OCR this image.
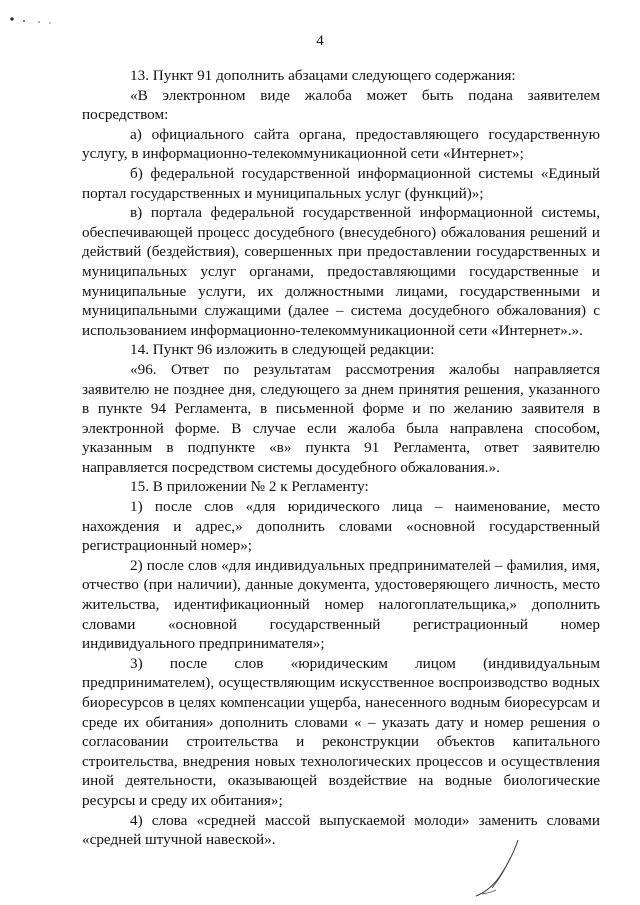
4

13. Пункт 91 дополнить абзацами следующего содержания:

«В электронном виде жалоба может быть подана заявителем посредством:

а) официального сайта органа, предоставляющего государственную услугу, в информационно-телекоммуникационной сети «Интернет»;

б) федеральной государственной информационной системы «Единый портал государственных и муниципальных услуг (функций)»;

в) портала федеральной государственной информационной системы, обеспечивающей процесс досудебного (внесудебного) обжалования решений и действий (бездействия), совершенных при предоставлении государственных и муниципальных услуг органами, предоставляющими государственные и муниципальные услуги, их должностными лицами, государственными и муниципальными служащими (далее – система досудебного обжалования) с использованием информационно-телекоммуникационной сети «Интернет».».

14. Пункт 96 изложить в следующей редакции:

«96. Ответ по результатам рассмотрения жалобы направляется заявителю не позднее дня, следующего за днем принятия решения, указанного в пункте 94 Регламента, в письменной форме и по желанию заявителя в электронной форме. В случае если жалоба была направлена способом, указанным в подпункте «в» пункта 91 Регламента, ответ заявителю направляется посредством системы досудебного обжалования.».

15. В приложении № 2 к Регламенту:

1) после слов «для юридического лица – наименование, место нахождения и адрес,» дополнить словами «основной государственный регистрационный номер»;

2) после слов «для индивидуальных предпринимателей – фамилия, имя, отчество (при наличии), данные документа, удостоверяющего личность, место жительства, идентификационный номер налогоплательщика,» дополнить словами «основной государственный регистрационный номер индивидуального предпринимателя»;

3) после слов «юридическим лицом (индивидуальным предпринимателем), осуществляющим искусственное воспроизводство водных биоресурсов в целях компенсации ущерба, нанесенного водным биоресурсам и среде их обитания» дополнить словами « – указать дату и номер решения о согласовании строительства и реконструкции объектов капитального строительства, внедрения новых технологических процессов и осуществления иной деятельности, оказывающей воздействие на водные биологические ресурсы и среду их обитания»;

4) слова «средней массой выпускаемой молоди» заменить словами «средней штучной навеской».
